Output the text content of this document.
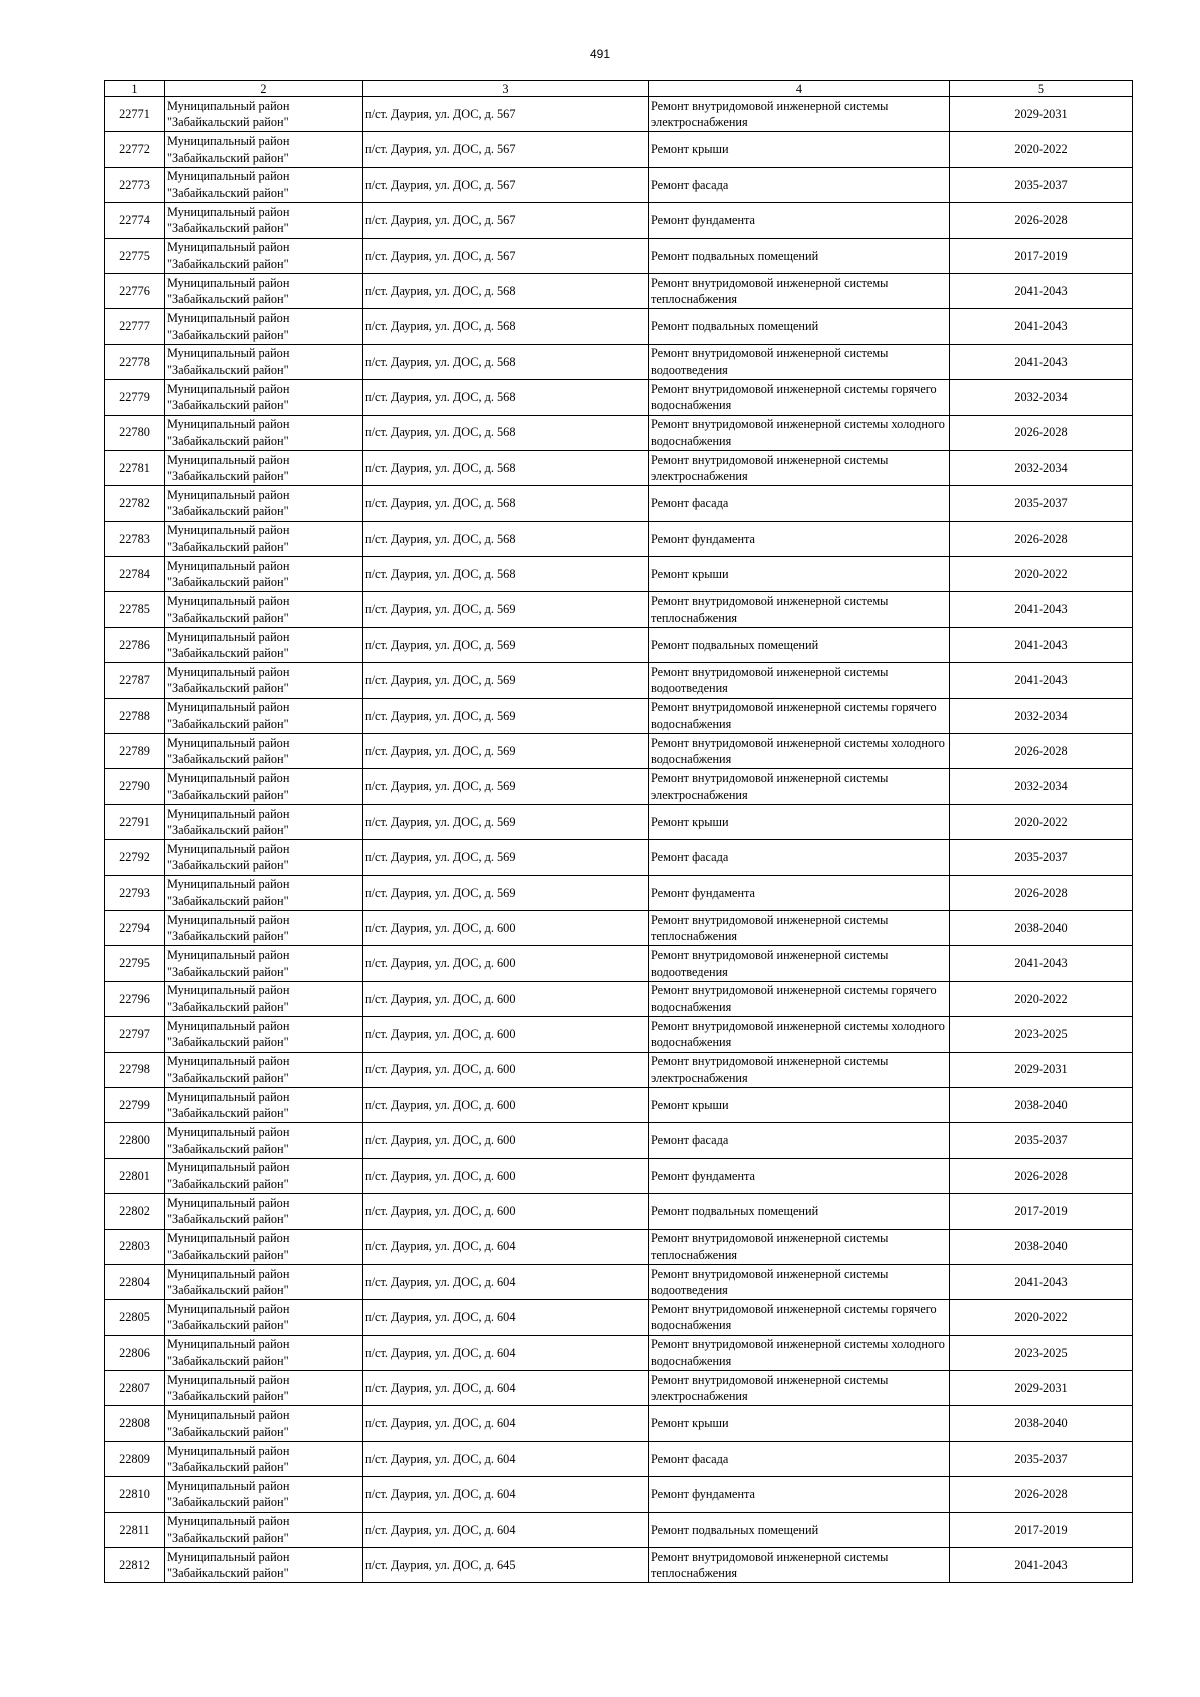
491
1	2	3	4	5
22771	Муниципальный район "Забайкальский район"	п/ст. Даурия, ул. ДОС, д. 567	Ремонт внутридомовой инженерной системы электроснабжения	2029-2031
22772	Муниципальный район "Забайкальский район"	п/ст. Даурия, ул. ДОС, д. 567	Ремонт крыши	2020-2022
22773	Муниципальный район "Забайкальский район"	п/ст. Даурия, ул. ДОС, д. 567	Ремонт фасада	2035-2037
22774	Муниципальный район "Забайкальский район"	п/ст. Даурия, ул. ДОС, д. 567	Ремонт фундамента	2026-2028
22775	Муниципальный район "Забайкальский район"	п/ст. Даурия, ул. ДОС, д. 567	Ремонт подвальных помещений	2017-2019
22776	Муниципальный район "Забайкальский район"	п/ст. Даурия, ул. ДОС, д. 568	Ремонт внутридомовой инженерной системы теплоснабжения	2041-2043
22777	Муниципальный район "Забайкальский район"	п/ст. Даурия, ул. ДОС, д. 568	Ремонт подвальных помещений	2041-2043
22778	Муниципальный район "Забайкальский район"	п/ст. Даурия, ул. ДОС, д. 568	Ремонт внутридомовой инженерной системы водоотведения	2041-2043
22779	Муниципальный район "Забайкальский район"	п/ст. Даурия, ул. ДОС, д. 568	Ремонт внутридомовой инженерной системы горячего водоснабжения	2032-2034
22780	Муниципальный район "Забайкальский район"	п/ст. Даурия, ул. ДОС, д. 568	Ремонт внутридомовой инженерной системы холодного водоснабжения	2026-2028
22781	Муниципальный район "Забайкальский район"	п/ст. Даурия, ул. ДОС, д. 568	Ремонт внутридомовой инженерной системы электроснабжения	2032-2034
22782	Муниципальный район "Забайкальский район"	п/ст. Даурия, ул. ДОС, д. 568	Ремонт фасада	2035-2037
22783	Муниципальный район "Забайкальский район"	п/ст. Даурия, ул. ДОС, д. 568	Ремонт фундамента	2026-2028
22784	Муниципальный район "Забайкальский район"	п/ст. Даурия, ул. ДОС, д. 568	Ремонт крыши	2020-2022
22785	Муниципальный район "Забайкальский район"	п/ст. Даурия, ул. ДОС, д. 569	Ремонт внутридомовой инженерной системы теплоснабжения	2041-2043
22786	Муниципальный район "Забайкальский район"	п/ст. Даурия, ул. ДОС, д. 569	Ремонт подвальных помещений	2041-2043
22787	Муниципальный район "Забайкальский район"	п/ст. Даурия, ул. ДОС, д. 569	Ремонт внутридомовой инженерной системы водоотведения	2041-2043
22788	Муниципальный район "Забайкальский район"	п/ст. Даурия, ул. ДОС, д. 569	Ремонт внутридомовой инженерной системы горячего водоснабжения	2032-2034
22789	Муниципальный район "Забайкальский район"	п/ст. Даурия, ул. ДОС, д. 569	Ремонт внутридомовой инженерной системы холодного водоснабжения	2026-2028
22790	Муниципальный район "Забайкальский район"	п/ст. Даурия, ул. ДОС, д. 569	Ремонт внутридомовой инженерной системы электроснабжения	2032-2034
22791	Муниципальный район "Забайкальский район"	п/ст. Даурия, ул. ДОС, д. 569	Ремонт крыши	2020-2022
22792	Муниципальный район "Забайкальский район"	п/ст. Даурия, ул. ДОС, д. 569	Ремонт фасада	2035-2037
22793	Муниципальный район "Забайкальский район"	п/ст. Даурия, ул. ДОС, д. 569	Ремонт фундамента	2026-2028
22794	Муниципальный район "Забайкальский район"	п/ст. Даурия, ул. ДОС, д. 600	Ремонт внутридомовой инженерной системы теплоснабжения	2038-2040
22795	Муниципальный район "Забайкальский район"	п/ст. Даурия, ул. ДОС, д. 600	Ремонт внутридомовой инженерной системы водоотведения	2041-2043
22796	Муниципальный район "Забайкальский район"	п/ст. Даурия, ул. ДОС, д. 600	Ремонт внутридомовой инженерной системы горячего водоснабжения	2020-2022
22797	Муниципальный район "Забайкальский район"	п/ст. Даурия, ул. ДОС, д. 600	Ремонт внутридомовой инженерной системы холодного водоснабжения	2023-2025
22798	Муниципальный район "Забайкальский район"	п/ст. Даурия, ул. ДОС, д. 600	Ремонт внутридомовой инженерной системы электроснабжения	2029-2031
22799	Муниципальный район "Забайкальский район"	п/ст. Даурия, ул. ДОС, д. 600	Ремонт крыши	2038-2040
22800	Муниципальный район "Забайкальский район"	п/ст. Даурия, ул. ДОС, д. 600	Ремонт фасада	2035-2037
22801	Муниципальный район "Забайкальский район"	п/ст. Даурия, ул. ДОС, д. 600	Ремонт фундамента	2026-2028
22802	Муниципальный район "Забайкальский район"	п/ст. Даурия, ул. ДОС, д. 600	Ремонт подвальных помещений	2017-2019
22803	Муниципальный район "Забайкальский район"	п/ст. Даурия, ул. ДОС, д. 604	Ремонт внутридомовой инженерной системы теплоснабжения	2038-2040
22804	Муниципальный район "Забайкальский район"	п/ст. Даурия, ул. ДОС, д. 604	Ремонт внутридомовой инженерной системы водоотведения	2041-2043
22805	Муниципальный район "Забайкальский район"	п/ст. Даурия, ул. ДОС, д. 604	Ремонт внутридомовой инженерной системы горячего водоснабжения	2020-2022
22806	Муниципальный район "Забайкальский район"	п/ст. Даурия, ул. ДОС, д. 604	Ремонт внутридомовой инженерной системы холодного водоснабжения	2023-2025
22807	Муниципальный район "Забайкальский район"	п/ст. Даурия, ул. ДОС, д. 604	Ремонт внутридомовой инженерной системы электроснабжения	2029-2031
22808	Муниципальный район "Забайкальский район"	п/ст. Даурия, ул. ДОС, д. 604	Ремонт крыши	2038-2040
22809	Муниципальный район "Забайкальский район"	п/ст. Даурия, ул. ДОС, д. 604	Ремонт фасада	2035-2037
22810	Муниципальный район "Забайкальский район"	п/ст. Даурия, ул. ДОС, д. 604	Ремонт фундамента	2026-2028
22811	Муниципальный район "Забайкальский район"	п/ст. Даурия, ул. ДОС, д. 604	Ремонт подвальных помещений	2017-2019
22812	Муниципальный район "Забайкальский район"	п/ст. Даурия, ул. ДОС, д. 645	Ремонт внутридомовой инженерной системы теплоснабжения	2041-2043
